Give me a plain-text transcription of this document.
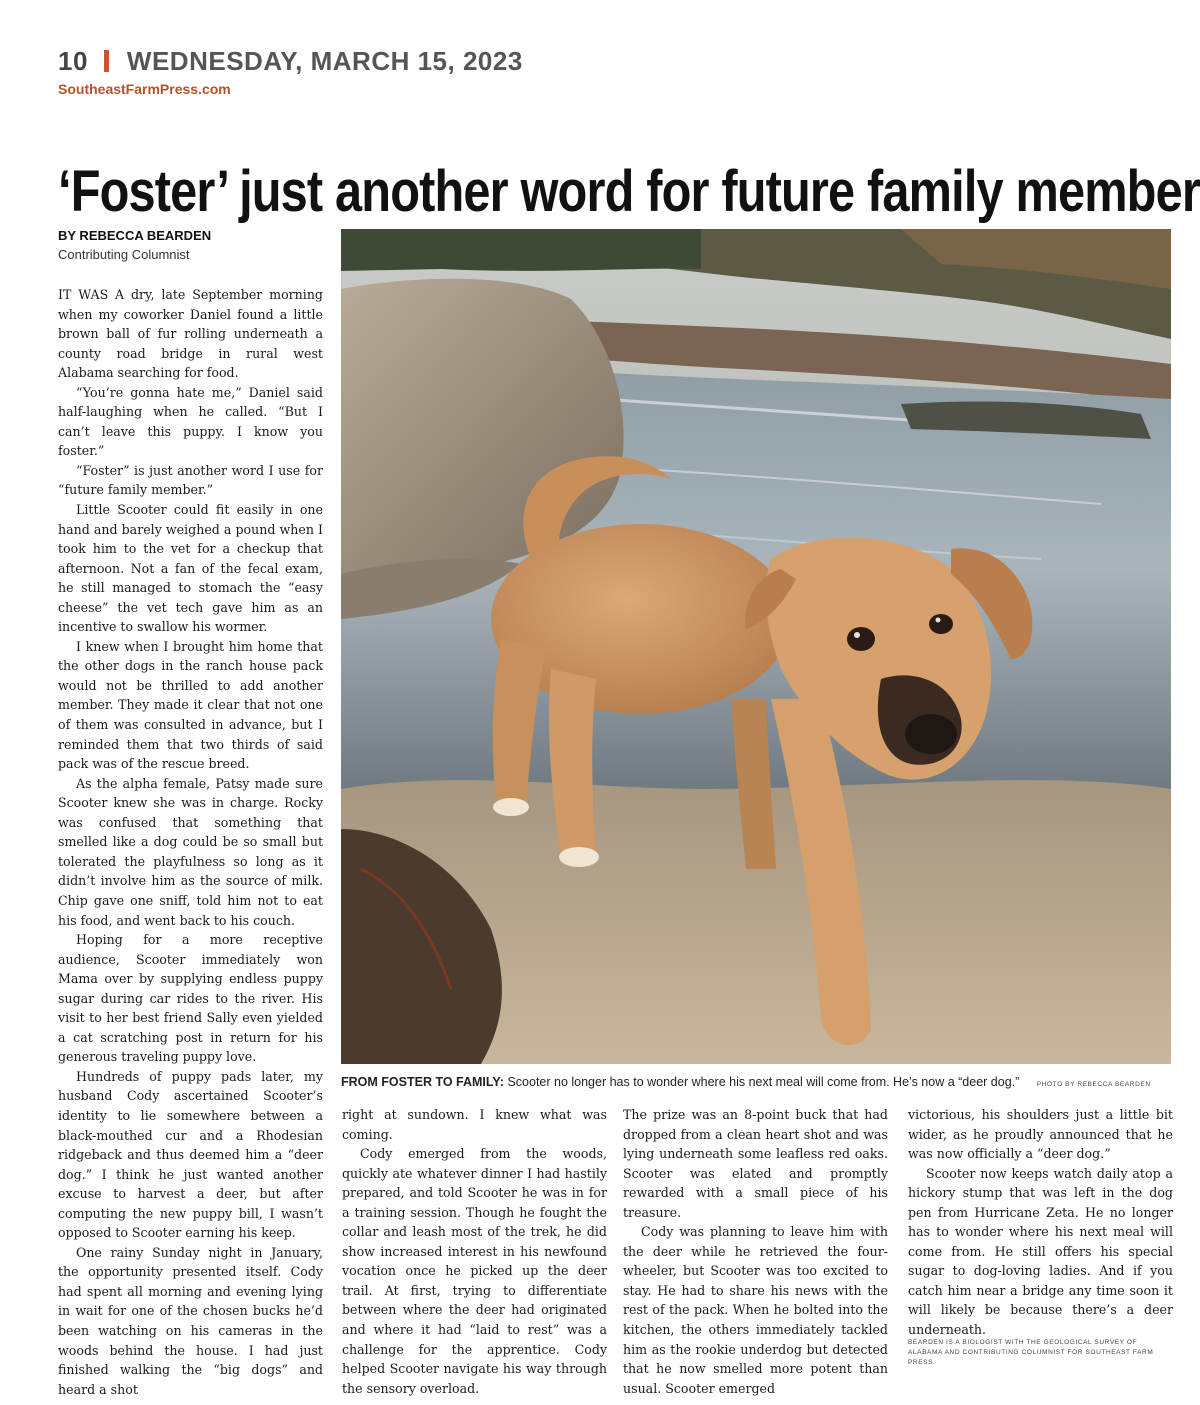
10 WEDNESDAY, MARCH 15, 2023
SoutheastFarmPress.com
‘Foster’ just another word for future family member
BY REBECCA BEARDEN
Contributing Columnist

IT WAS A dry, late September morning when my coworker Daniel found a little brown ball of fur rolling underneath a county road bridge in rural west Alabama searching for food.

“You’re gonna hate me,” Daniel said half-laughing when he called. “But I can’t leave this puppy. I know you foster.”

“Foster” is just another word I use for “future family member.”

Little Scooter could fit easily in one hand and barely weighed a pound when I took him to the vet for a checkup that afternoon. Not a fan of the fecal exam, he still managed to stomach the “easy cheese” the vet tech gave him as an incentive to swallow his wormer.

I knew when I brought him home that the other dogs in the ranch house pack would not be thrilled to add another member. They made it clear that not one of them was consulted in advance, but I reminded them that two thirds of said pack was of the rescue breed.

As the alpha female, Patsy made sure Scooter knew she was in charge. Rocky was confused that something that smelled like a dog could be so small but tolerated the playfulness so long as it didn’t involve him as the source of milk. Chip gave one sniff, told him not to eat his food, and went back to his couch.

Hoping for a more receptive audience, Scooter immediately won Mama over by supplying endless puppy sugar during car rides to the river. His visit to her best friend Sally even yielded a cat scratching post in return for his generous traveling puppy love.

Hundreds of puppy pads later, my husband Cody ascertained Scooter’s identity to lie somewhere between a black-mouthed cur and a Rhodesian ridgeback and thus deemed him a “deer dog.” I think he just wanted another excuse to harvest a deer, but after computing the new puppy bill, I wasn’t opposed to Scooter earning his keep.

One rainy Sunday night in January, the opportunity presented itself. Cody had spent all morning and evening lying in wait for one of the chosen bucks he’d been watching on his cameras in the woods behind the house. I had just finished walking the “big dogs” and heard a shot

FROM FOSTER TO FAMILY: Scooter no longer has to wonder where his next meal will come from. He’s now a “deer dog.”	PHOTO BY REBECCA BEARDEN

right at sundown. I knew what was coming.

Cody emerged from the woods, quickly ate whatever dinner I had hastily prepared, and told Scooter he was in for a training session. Though he fought the collar and leash most of the trek, he did show increased interest in his newfound vocation once he picked up the deer trail. At first, trying to differentiate between where the deer had originated and where it had “laid to rest” was a challenge for the apprentice. Cody helped Scooter navigate his way through the sensory overload.

The prize was an 8-point buck that had dropped from a clean heart shot and was lying underneath some leafless red oaks. Scooter was elated and promptly rewarded with a small piece of his treasure.

Cody was planning to leave him with the deer while he retrieved the four-wheeler, but Scooter was too excited to stay. He had to share his news with the rest of the pack. When he bolted into the kitchen, the others immediately tackled him as the rookie underdog but detected that he now smelled more potent than usual. Scooter emerged

victorious, his shoulders just a little bit wider, as he proudly announced that he was now officially a “deer dog.”

Scooter now keeps watch daily atop a hickory stump that was left in the dog pen from Hurricane Zeta. He no longer has to wonder where his next meal will come from. He still offers his special sugar to dog-loving ladies. And if you catch him near a bridge any time soon it will likely be because there’s a deer underneath.

BEARDEN IS A BIOLOGIST WITH THE GEOLOGICAL SURVEY OF ALABAMA AND CONTRIBUTING COLUMNIST FOR SOUTHEAST FARM PRESS.
